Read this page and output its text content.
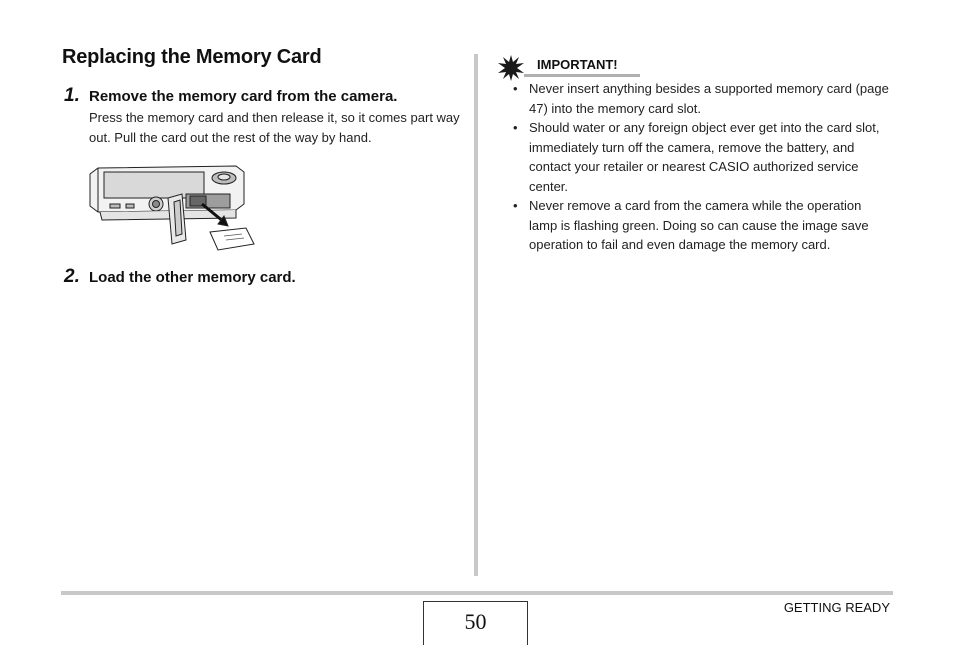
Replacing the Memory Card
1. Remove the memory card from the camera.
Press the memory card and then release it, so it comes part way out. Pull the card out the rest of the way by hand.
2. Load the other memory card.
IMPORTANT!
• Never insert anything besides a supported memory card (page 47) into the memory card slot.
• Should water or any foreign object ever get into the card slot, immediately turn off the camera, remove the battery, and contact your retailer or nearest CASIO authorized service center.
• Never remove a card from the camera while the operation lamp is flashing green. Doing so can cause the image save operation to fail and even damage the memory card.
50
GETTING READY
